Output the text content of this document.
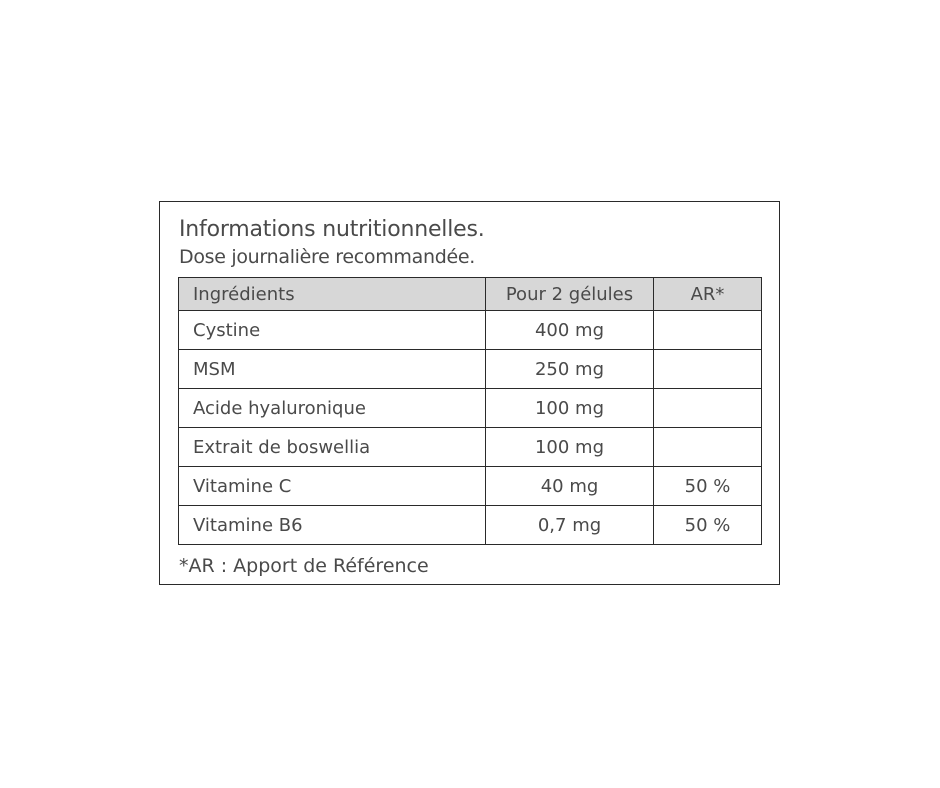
Informations nutritionnelles.
Dose journalière recommandée.
Ingrédients	Pour 2 gélules	AR*
Cystine	400 mg	
MSM	250 mg	
Acide hyaluronique	100 mg	
Extrait de boswellia	100 mg	
Vitamine C	40 mg	50 %
Vitamine B6	0,7 mg	50 %
*AR : Apport de Référence
